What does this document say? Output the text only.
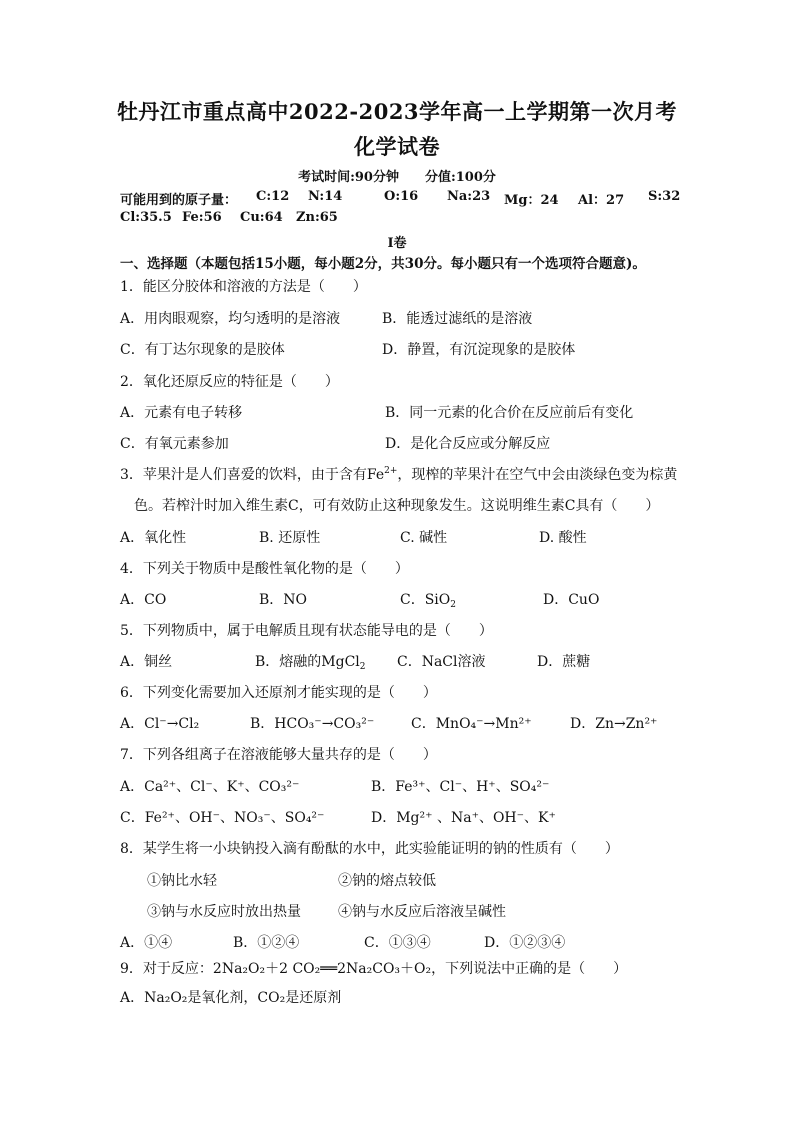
牡丹江市重点高中2022-2023学年高一上学期第一次月考
化学试卷
考试时间:90分钟　　分值:100分
可能用到的原子量： C:12 N:14	O:16 Na:23 Mg：24 Al：27 S:32
Cl:35.5 Fe:56 Cu:64 Zn:65
I卷
一、选择题（本题包括15小题，每小题2分，共30分。每小题只有一个选项符合题意)。
1．能区分胶体和溶液的方法是（　　）
A．用肉眼观察，均匀透明的是溶液	B．能透过滤纸的是溶液
C．有丁达尔现象的是胶体	D．静置，有沉淀现象的是胶体
2．氧化还原反应的特征是（　　）
A．元素有电子转移	B．同一元素的化合价在反应前后有变化
C．有氧元素参加	D．是化合反应或分解反应
3．苹果汁是人们喜爱的饮料，由于含有$Fe^{2+}$，现榨的苹果汁在空气中会由淡绿色变为棕黄
色。若榨汁时加入维生素C，可有效防止这种现象发生。这说明维生素C具有（　　）
A．氧化性	B. 还原性	C. 碱性	D. 酸性
4．下列关于物质中是酸性氧化物的是（　　）
A．CO	B．NO	C．SiO$_2$	D．CuO
5．下列物质中，属于电解质且现有状态能导电的是（　　）
A．铜丝	B．熔融的MgCl$_2$ C．NaCl溶液	D．蔗糖
6．下列变化需要加入还原剂才能实现的是（　　）
A．Cl⁻→Cl₂	B．HCO₃⁻→CO₃²⁻	C．MnO₄⁻→Mn²⁺	D．Zn→Zn²⁺
7．下列各组离子在溶液能够大量共存的是（　　）
A．Ca²⁺、Cl⁻、K⁺、CO₃²⁻	B．Fe³⁺、Cl⁻、H⁺、SO₄²⁻
C．Fe²⁺、OH⁻、NO₃⁻、SO₄²⁻	D．Mg²⁺ 、Na⁺、OH⁻、K⁺
8．某学生将一小块钠投入滴有酚酞的水中，此实验能证明的钠的性质有（　　）
①钠比水轻	②钠的熔点较低
③钠与水反应时放出热量	④钠与水反应后溶液呈碱性
A．①④	B．①②④	C．①③④	D．①②③④
9．对于反应：2Na₂O₂＋2 CO₂══2Na₂CO₃＋O₂，下列说法中正确的是（　　）
A．Na₂O₂是氧化剂，CO₂是还原剂
